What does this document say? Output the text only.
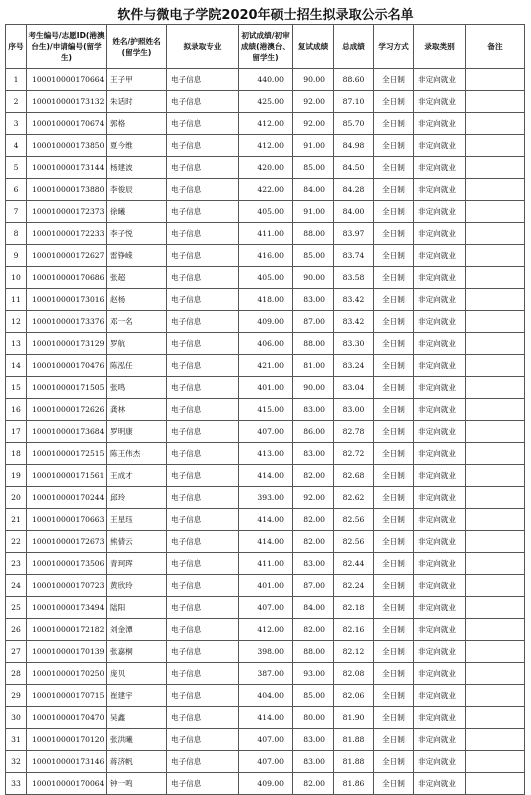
软件与微电子学院2020年硕士招生拟录取公示名单
序号	考生编号/志愿ID(港澳台生)/申请编号(留学生)	姓名/护照姓名(留学生)	拟录取专业	初试成绩/初审成绩(港澳台、留学生)	复试成绩	总成绩	学习方式	录取类别	备注
1	100010000170664	王子甲	电子信息	440.00	90.00	88.60	全日制	非定向就业	
2	100010000173132	朱话时	电子信息	425.00	92.00	87.10	全日制	非定向就业	
3	100010000170674	郭格	电子信息	412.00	92.00	85.70	全日制	非定向就业	
4	100010000173850	夏今维	电子信息	412.00	91.00	84.98	全日制	非定向就业	
5	100010000173144	杨建波	电子信息	420.00	85.00	84.50	全日制	非定向就业	
6	100010000173880	李俊辰	电子信息	422.00	84.00	84.28	全日制	非定向就业	
7	100010000172373	徐曦	电子信息	405.00	91.00	84.00	全日制	非定向就业	
8	100010000172233	李子悦	电子信息	411.00	88.00	83.97	全日制	非定向就业	
9	100010000172627	雷铮嵘	电子信息	416.00	85.00	83.74	全日制	非定向就业	
10	100010000170686	张超	电子信息	405.00	90.00	83.58	全日制	非定向就业	
11	100010000173016	赵杨	电子信息	418.00	83.00	83.42	全日制	非定向就业	
12	100010000173376	邓一名	电子信息	409.00	87.00	83.42	全日制	非定向就业	
13	100010000173129	罗航	电子信息	406.00	88.00	83.30	全日制	非定向就业	
14	100010000170476	陈泓任	电子信息	421.00	81.00	83.24	全日制	非定向就业	
15	100010000171505	张鸣	电子信息	401.00	90.00	83.04	全日制	非定向就业	
16	100010000172626	龚林	电子信息	415.00	83.00	83.00	全日制	非定向就业	
17	100010000173684	罗明康	电子信息	407.00	86.00	82.78	全日制	非定向就业	
18	100010000172515	陈王伟杰	电子信息	413.00	83.00	82.72	全日制	非定向就业	
19	100010000171561	王成才	电子信息	414.00	82.00	82.68	全日制	非定向就业	
20	100010000170244	邱玲	电子信息	393.00	92.00	82.62	全日制	非定向就业	
21	100010000170663	王星珏	电子信息	414.00	82.00	82.56	全日制	非定向就业	
22	100010000172673	熊倩云	电子信息	414.00	82.00	82.56	全日制	非定向就业	
23	100010000173506	青珂珲	电子信息	411.00	83.00	82.44	全日制	非定向就业	
24	100010000170723	黄欣玲	电子信息	401.00	87.00	82.24	全日制	非定向就业	
25	100010000173494	陆阳	电子信息	407.00	84.00	82.18	全日制	非定向就业	
26	100010000172182	刘金潭	电子信息	412.00	82.00	82.16	全日制	非定向就业	
27	100010000170139	张嘉桐	电子信息	398.00	88.00	82.12	全日制	非定向就业	
28	100010000170250	庞贝	电子信息	387.00	93.00	82.08	全日制	非定向就业	
29	100010000170715	崔建宇	电子信息	404.00	85.00	82.06	全日制	非定向就业	
30	100010000170470	吴鑫	电子信息	414.00	80.00	81.90	全日制	非定向就业	
31	100010000170120	张洪曦	电子信息	407.00	83.00	81.88	全日制	非定向就业	
32	100010000173146	蒋济帆	电子信息	407.00	83.00	81.88	全日制	非定向就业	
33	100010000170064	钟一鸣	电子信息	409.00	82.00	81.86	全日制	非定向就业	
